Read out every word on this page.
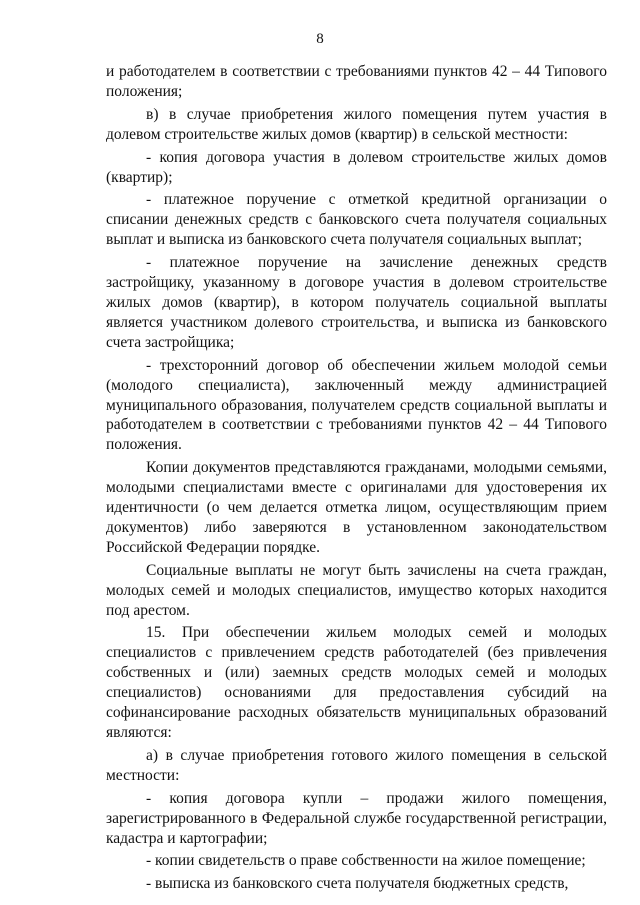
8

и работодателем в соответствии с требованиями пунктов 42 – 44 Типового положения;

в) в случае приобретения жилого помещения путем участия в долевом строительстве жилых домов (квартир) в сельской местности:

- копия договора участия в долевом строительстве жилых домов (квартир);

- платежное поручение с отметкой кредитной организации о списании денежных средств с банковского счета получателя социальных выплат и выписка из банковского счета получателя социальных выплат;

- платежное поручение на зачисление денежных средств застройщику, указанному в договоре участия в долевом строительстве жилых домов (квартир), в котором получатель социальной выплаты является участником долевого строительства, и выписка из банковского счета застройщика;

- трехсторонний договор об обеспечении жильем молодой семьи (молодого специалиста), заключенный между администрацией муниципального образования, получателем средств социальной выплаты и работодателем в соответствии с требованиями пунктов 42 – 44 Типового положения.

Копии документов представляются гражданами, молодыми семьями, молодыми специалистами вместе с оригиналами для удостоверения их идентичности (о чем делается отметка лицом, осуществляющим прием документов) либо заверяются в установленном законодательством Российской Федерации порядке.

Социальные выплаты не могут быть зачислены на счета граждан, молодых семей и молодых специалистов, имущество которых находится под арестом.

15. При обеспечении жильем молодых семей и молодых специалистов с привлечением средств работодателей (без привлечения собственных и (или) заемных средств молодых семей и молодых специалистов) основаниями для предоставления субсидий на софинансирование расходных обязательств муниципальных образований являются:

а) в случае приобретения готового жилого помещения в сельской местности:

- копия договора купли – продажи жилого помещения, зарегистрированного в Федеральной службе государственной регистрации, кадастра и картографии;

- копии свидетельств о праве собственности на жилое помещение;

- выписка из банковского счета получателя бюджетных средств,
